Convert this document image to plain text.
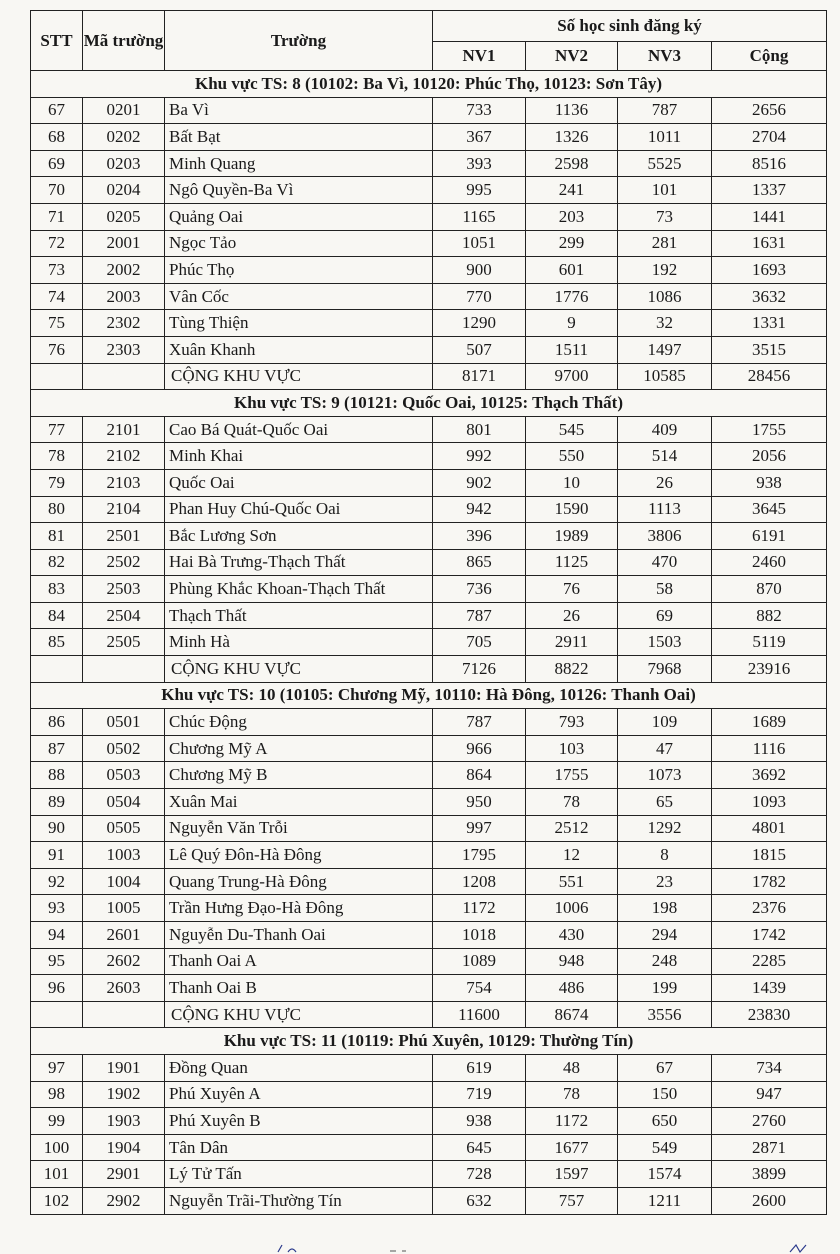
STT	Mã trường	Trường	Số học sinh đăng ký			
			NV1	NV2	NV3	Cộng
Khu vực TS: 8 (10102: Ba Vì, 10120: Phúc Thọ, 10123: Sơn Tây)						
67	0201	Ba Vì	733	1136	787	2656
68	0202	Bất Bạt	367	1326	1011	2704
69	0203	Minh Quang	393	2598	5525	8516
70	0204	Ngô Quyền-Ba Vì	995	241	101	1337
71	0205	Quảng Oai	1165	203	73	1441
72	2001	Ngọc Tảo	1051	299	281	1631
73	2002	Phúc Thọ	900	601	192	1693
74	2003	Vân Cốc	770	1776	1086	3632
75	2302	Tùng Thiện	1290	9	32	1331
76	2303	Xuân Khanh	507	1511	1497	3515
		CỘNG KHU VỰC	8171	9700	10585	28456
Khu vực TS: 9 (10121: Quốc Oai, 10125: Thạch Thất)						
77	2101	Cao Bá Quát-Quốc Oai	801	545	409	1755
78	2102	Minh Khai	992	550	514	2056
79	2103	Quốc Oai	902	10	26	938
80	2104	Phan Huy Chú-Quốc Oai	942	1590	1113	3645
81	2501	Bắc Lương Sơn	396	1989	3806	6191
82	2502	Hai Bà Trưng-Thạch Thất	865	1125	470	2460
83	2503	Phùng Khắc Khoan-Thạch Thất	736	76	58	870
84	2504	Thạch Thất	787	26	69	882
85	2505	Minh Hà	705	2911	1503	5119
		CỘNG KHU VỰC	7126	8822	7968	23916
Khu vực TS: 10 (10105: Chương Mỹ, 10110: Hà Đông, 10126: Thanh Oai)						
86	0501	Chúc Động	787	793	109	1689
87	0502	Chương Mỹ A	966	103	47	1116
88	0503	Chương Mỹ B	864	1755	1073	3692
89	0504	Xuân Mai	950	78	65	1093
90	0505	Nguyễn Văn Trỗi	997	2512	1292	4801
91	1003	Lê Quý Đôn-Hà Đông	1795	12	8	1815
92	1004	Quang Trung-Hà Đông	1208	551	23	1782
93	1005	Trần Hưng Đạo-Hà Đông	1172	1006	198	2376
94	2601	Nguyễn Du-Thanh Oai	1018	430	294	1742
95	2602	Thanh Oai A	1089	948	248	2285
96	2603	Thanh Oai B	754	486	199	1439
		CỘNG KHU VỰC	11600	8674	3556	23830
Khu vực TS: 11 (10119: Phú Xuyên, 10129: Thường Tín)						
97	1901	Đồng Quan	619	48	67	734
98	1902	Phú Xuyên A	719	78	150	947
99	1903	Phú Xuyên B	938	1172	650	2760
100	1904	Tân Dân	645	1677	549	2871
101	2901	Lý Tử Tấn	728	1597	1574	3899
102	2902	Nguyễn Trãi-Thường Tín	632	757	1211	2600
